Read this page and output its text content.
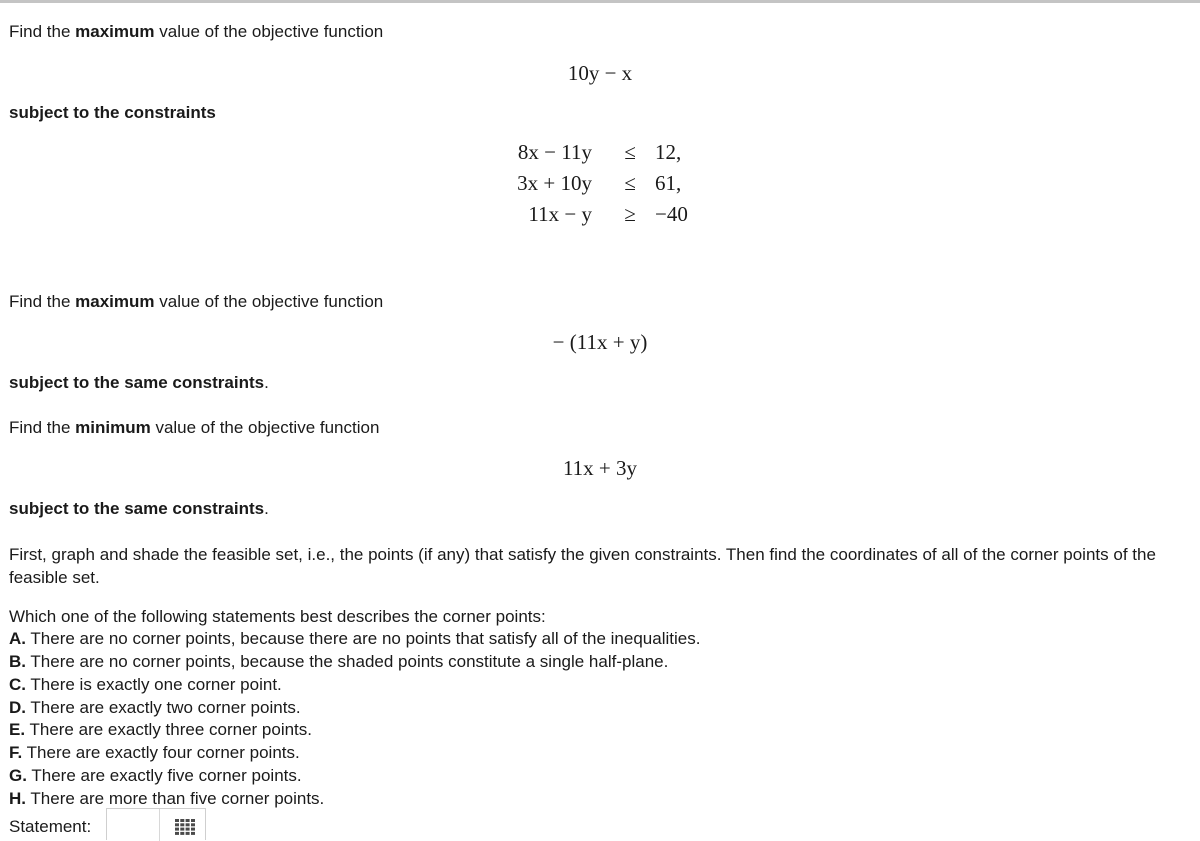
Find the maximum value of the objective function
10y − x
subject to the constraints
8x − 11y ≤ 12,
3x + 10y ≤ 61,
11x − y ≥ −40
Find the maximum value of the objective function
− (11x + y)
subject to the same constraints.
Find the minimum value of the objective function
11x + 3y
subject to the same constraints.
First, graph and shade the feasible set, i.e., the points (if any) that satisfy the given constraints. Then find the coordinates of all of the corner points of the feasible set.
Which one of the following statements best describes the corner points:
A. There are no corner points, because there are no points that satisfy all of the inequalities.
B. There are no corner points, because the shaded points constitute a single half-plane.
C. There is exactly one corner point.
D. There are exactly two corner points.
E. There are exactly three corner points.
F. There are exactly four corner points.
G. There are exactly five corner points.
H. There are more than five corner points.
Statement:
